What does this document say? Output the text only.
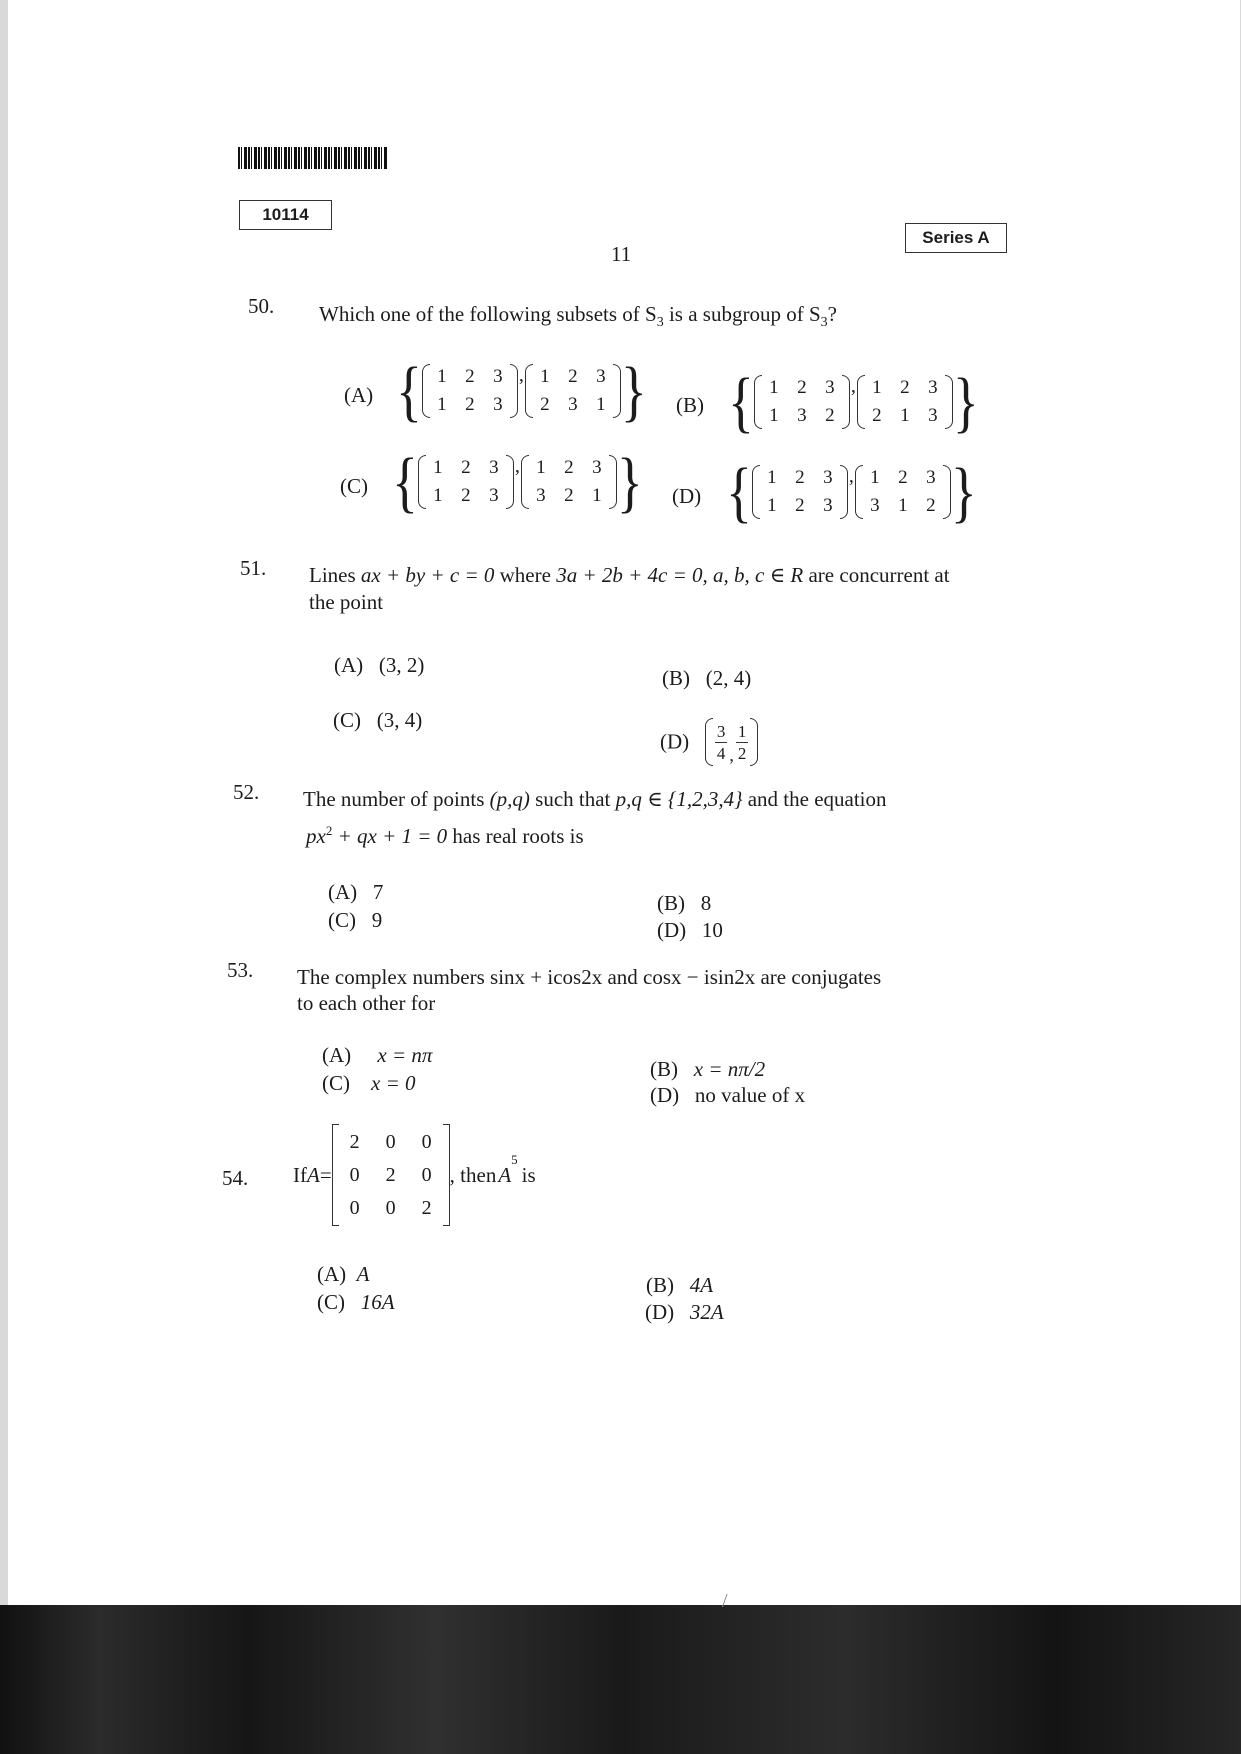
10114
Series A
11
50. Which one of the following subsets of $S_3$ is a subgroup of $S_3$?
(A) { 1 2 3
1 2 3
, 1 2 3
2 3 1 } (B) { 1 2 3
1 3 2
, 1 2 3
2 1 3 }
(C) { 1 2 3
1 2 3
, 1 2 3
3 2 1 } (D) { 1 2 3
1 2 3
, 1 2 3
3 1 2 }
51. Lines ax + by + c = 0 where 3a + 2b + 4c = 0, a, b, c ∈ R are concurrent at
the point
(A) (3, 2)
(B) (2, 4)
(C) (3, 4)
$(D) \frac{3}{4}$ , $\frac{1}{2}$
52. The number of points (p,q) such that p,q ∈ {1,2,3,4} and the equation
$px^2$ + qx + 1 = 0 has real roots is
(A) 7	(B) 8
(C) 9	(D) 10
53. The complex numbers sinx + icos2x and cosx − isin2x are conjugates
to each other for
(A) x = nπ
(B) x = nπ/2
(C) x = 0	(D) no value of x
54. If A =
2	0	0
0	2	0
0	0	2
, then A
$^5$
is
(A) A	(B) 4A
(C) 16A	(D) 32A
/
